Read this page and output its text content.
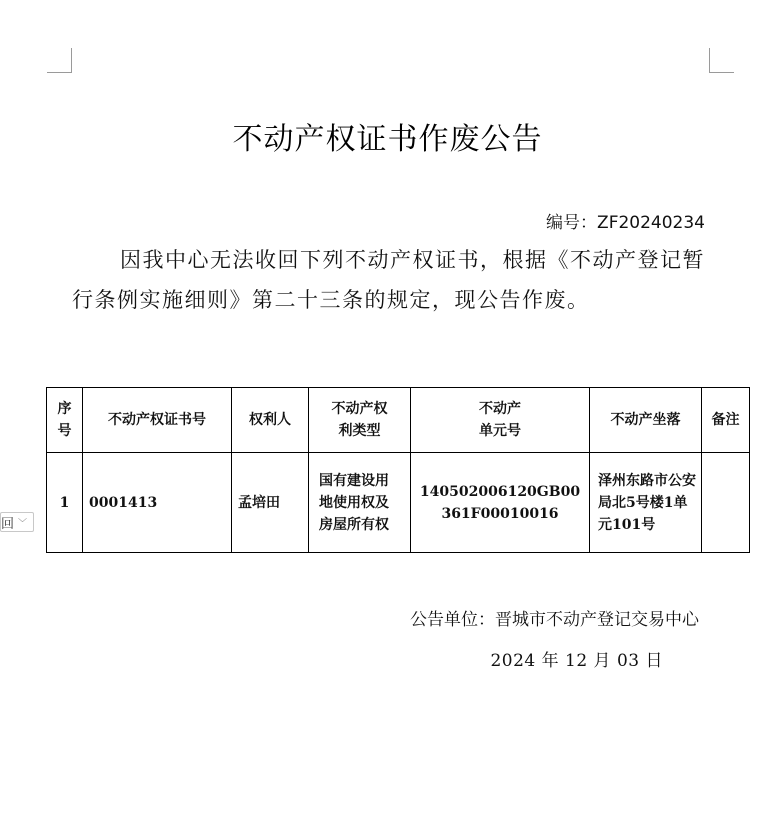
不动产权证书作废公告
编号：ZF20240234
因我中心无法收回下列不动产权证书，根据《不动产登记暂行条例实施细则》第二十三条的规定，现公告作废。
序号	不动产权证书号	权利人	不动产权利类型	不动产单元号	不动产坐落	备注
1	0001413	孟培田	国有建设用地使用权及房屋所有权	140502006120GB00361F00010016	泽州东路市公安局北5号楼1单元101号	
回 ﹀
公告单位：晋城市不动产登记交易中心
2024 年 12 月 03 日
